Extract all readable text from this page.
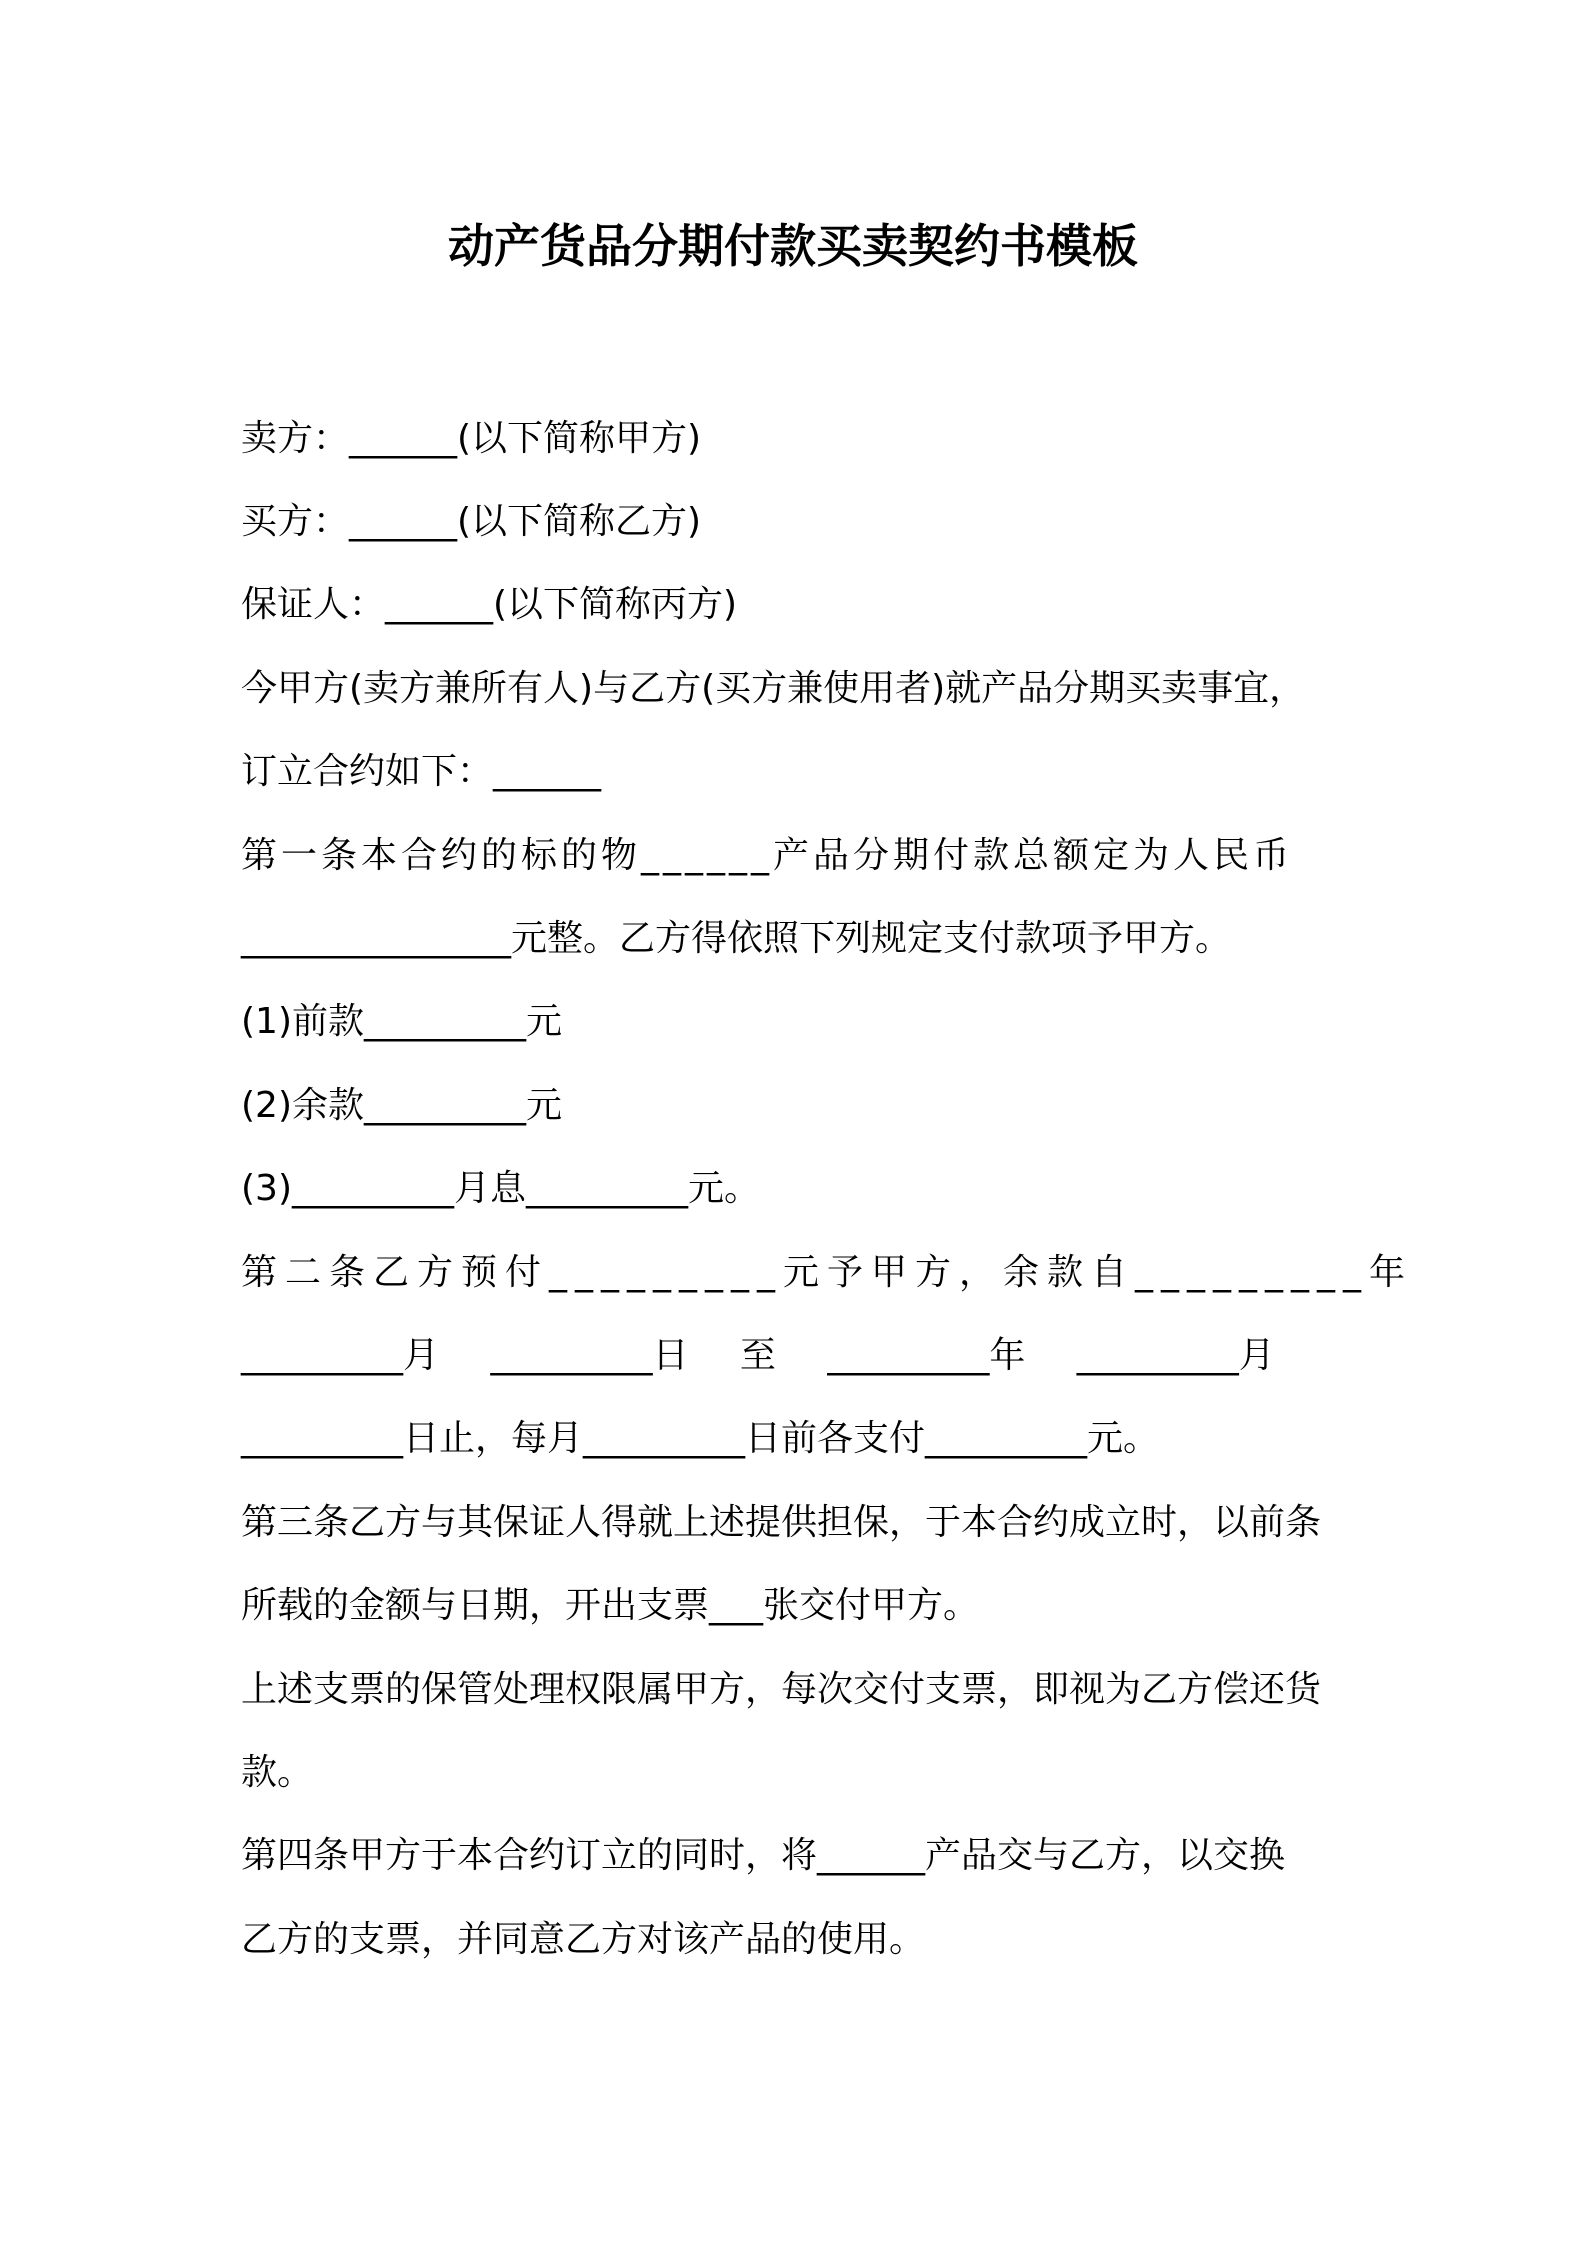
动产货品分期付款买卖契约书模板
卖方：______(以下简称甲方)
买方：______(以下简称乙方)
保证人：______(以下简称丙方)
今甲方(卖方兼所有人)与乙方(买方兼使用者)就产品分期买卖事宜，
订立合约如下：______
第一条本合约的标的物______产品分期付款总额定为人民币
_______________元整。乙方得依照下列规定支付款项予甲方。
(1)前款_________元
(2)余款_________元
(3)_________月息_________元。
第二条乙方预付_________元予甲方，余款自_________年
_________月 _________日 至 _________年 _________月
_________日止，每月_________日前各支付_________元。
第三条乙方与其保证人得就上述提供担保，于本合约成立时，以前条
所载的金额与日期，开出支票___张交付甲方。
上述支票的保管处理权限属甲方，每次交付支票，即视为乙方偿还货
款。
第四条甲方于本合约订立的同时，将______产品交与乙方，以交换
乙方的支票，并同意乙方对该产品的使用。
